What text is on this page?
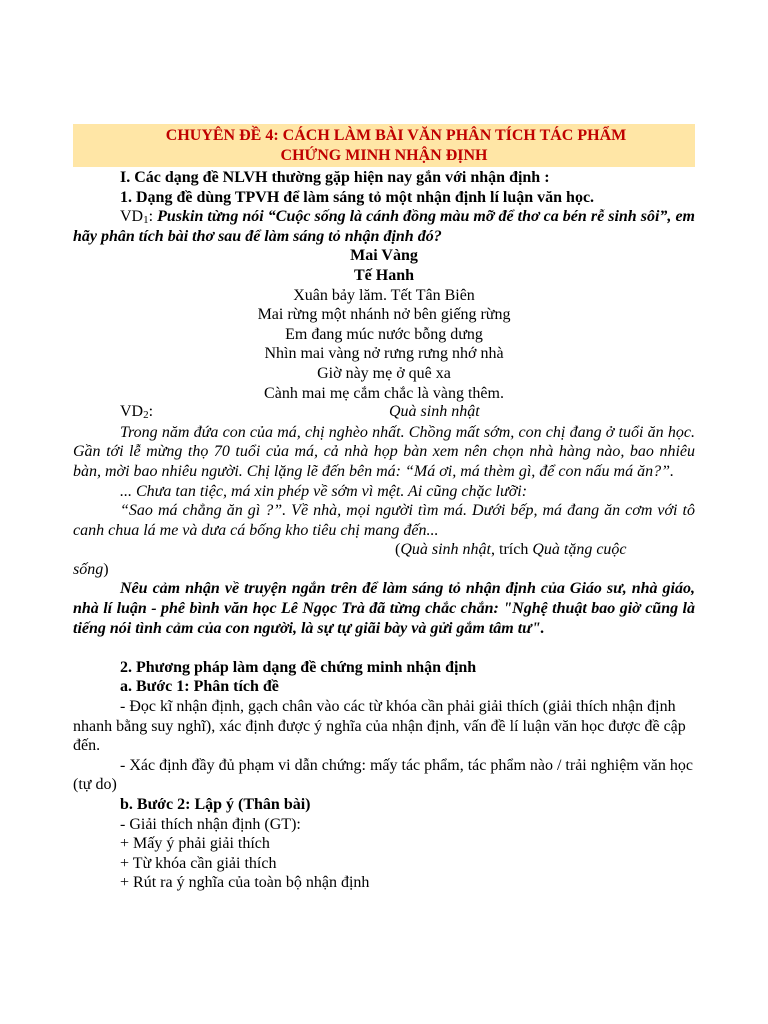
CHUYÊN ĐỀ 4: CÁCH LÀM BÀI VĂN PHÂN TÍCH TÁC PHẨM
CHỨNG MINH NHẬN ĐỊNH

I. Các dạng đề NLVH thường gặp hiện nay gắn với nhận định :

1. Dạng đề dùng TPVH để làm sáng tỏ một nhận định lí luận văn học.

$VD_1$: Puskin từng nói “Cuộc sống là cánh đồng màu mỡ để thơ ca bén rễ sinh sôi”, em hãy phân tích bài thơ sau để làm sáng tỏ nhận định đó?

Mai Vàng

Tế Hanh

Xuân bảy lăm. Tết Tân Biên

Mai rừng một nhánh nở bên giếng rừng

Em đang múc nước bỗng dưng

Nhìn mai vàng nở rưng rưng nhớ nhà

Giờ này mẹ ở quê xa

Cành mai mẹ cắm chắc là vàng thêm.

$VD_2$:	Quà sinh nhật

Trong năm đứa con của má, chị nghèo nhất. Chồng mất sớm, con chị đang ở tuổi ăn học. Gần tới lễ mừng thọ 70 tuổi của má, cả nhà họp bàn xem nên chọn nhà hàng nào, bao nhiêu bàn, mời bao nhiêu người. Chị lặng lẽ đến bên má: “Má ơi, má thèm gì, để con nấu má ăn?”.

... Chưa tan tiệc, má xin phép về sớm vì mệt. Ai cũng chặc lưỡi:

“Sao má chẳng ăn gì ?”. Về nhà, mọi người tìm má. Dưới bếp, má đang ăn cơm với tô canh chua lá me và dưa cá bống kho tiêu chị mang đến...

(Quà sinh nhật, trích Quà tặng cuộc

sống)

Nêu cảm nhận về truyện ngắn trên để làm sáng tỏ nhận định của Giáo sư, nhà giáo, nhà lí luận - phê bình văn học Lê Ngọc Trà đã từng chắc chắn: "Nghệ thuật bao giờ cũng là tiếng nói tình cảm của con người, là sự tự giãi bày và gửi gắm tâm tư".

2. Phương pháp làm dạng đề chứng minh nhận định

a. Bước 1: Phân tích đề

- Đọc kĩ nhận định, gạch chân vào các từ khóa cần phải giải thích (giải thích nhận định nhanh bằng suy nghĩ), xác định được ý nghĩa của nhận định, vấn đề lí luận văn học được đề cập đến.

- Xác định đầy đủ phạm vi dẫn chứng: mấy tác phẩm, tác phẩm nào / trải nghiệm văn học (tự do)

b. Bước 2: Lập ý (Thân bài)

- Giải thích nhận định (GT):

+ Mấy ý phải giải thích

+ Từ khóa cần giải thích

+ Rút ra ý nghĩa của toàn bộ nhận định
